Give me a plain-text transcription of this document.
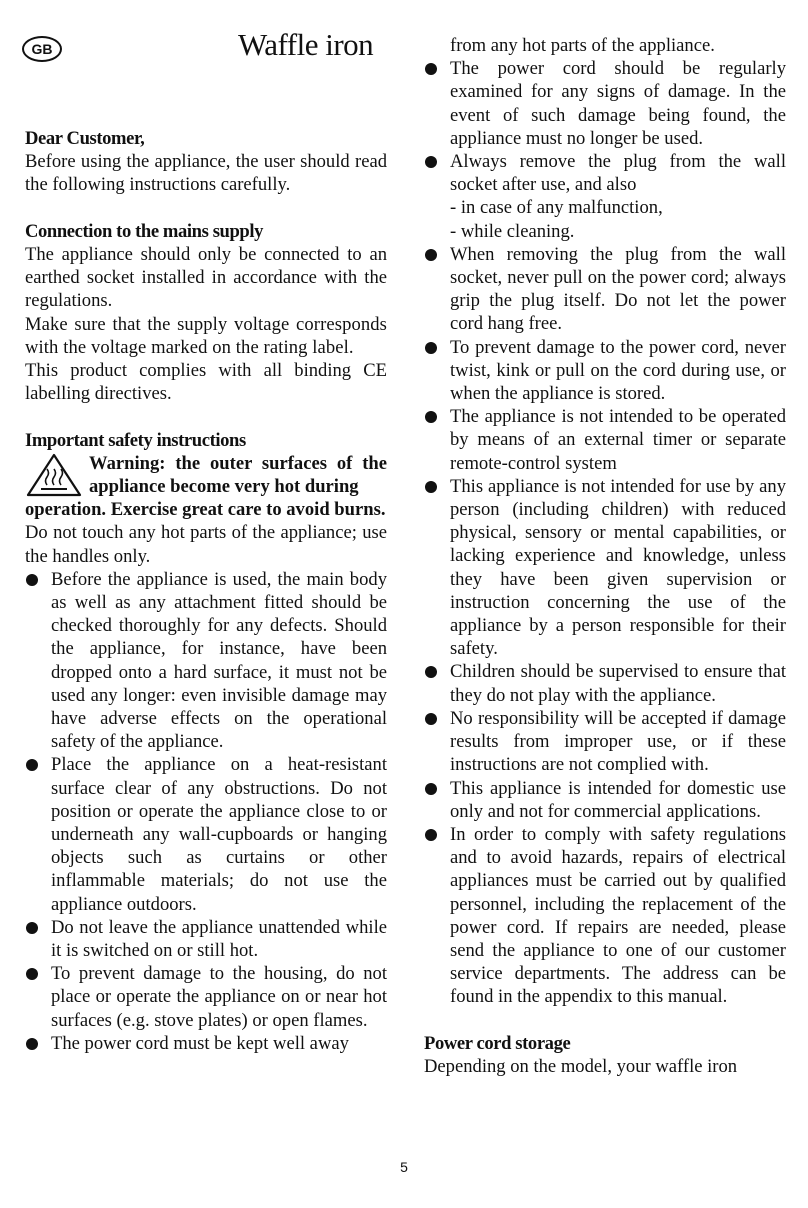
GB	Waffle iron

Dear Customer,

Before using the appliance, the user should read the following instructions carefully.

Connection to the mains supply

The appliance should only be connected to an earthed socket installed in accordance with the regulations.

Make sure that the supply voltage corresponds with the voltage marked on the rating label.

This product complies with all binding CE labelling directives.

Important safety instructions

Warning: the outer surfaces of the appliance become very hot during

operation. Exercise great care to avoid burns.

Do not touch any hot parts of the appliance; use the handles only.

Before the appliance is used, the main body as well as any attachment fitted should be checked thoroughly for any defects. Should the appliance, for instance, have been dropped onto a hard surface, it must not be used any longer: even invisible damage may have adverse effects on the operational safety of the appliance.
Place the appliance on a heat-resistant surface clear of any obstructions. Do not position or operate the appliance close to or underneath any wall-cupboards or hanging objects such as curtains or other inflammable materials; do not use the appliance outdoors.
Do not leave the appliance unattended while it is switched on or still hot.
To prevent damage to the housing, do not place or operate the appliance on or near hot surfaces (e.g. stove plates) or open flames.
The power cord must be kept well away

from any hot parts of the appliance.

The power cord should be regularly examined for any signs of damage. In the event of such damage being found, the appliance must no longer be used.
Always remove the plug from the wall socket after use, and also

- in case of any malfunction,

- while cleaning.

When removing the plug from the wall socket, never pull on the power cord; always grip the plug itself. Do not let the power cord hang free.
To prevent damage to the power cord, never twist, kink or pull on the cord during use, or when the appliance is stored.
The appliance is not intended to be operated by means of an external timer or separate remote-control system
This appliance is not intended for use by any person (including children) with reduced physical, sensory or mental capabilities, or lacking experience and knowledge, unless they have been given supervision or instruction concerning the use of the appliance by a person responsible for their safety.
Children should be supervised to ensure that they do not play with the appliance.
No responsibility will be accepted if damage results from improper use, or if these instructions are not complied with.
This appliance is intended for domestic use only and not for commercial applications.
In order to comply with safety regulations and to avoid hazards, repairs of electrical appliances must be carried out by qualified personnel, including the replacement of the power cord. If repairs are needed, please send the appliance to one of our customer service departments. The address can be found in the appendix to this manual.

Power cord storage

Depending on the model, your waffle iron

5
